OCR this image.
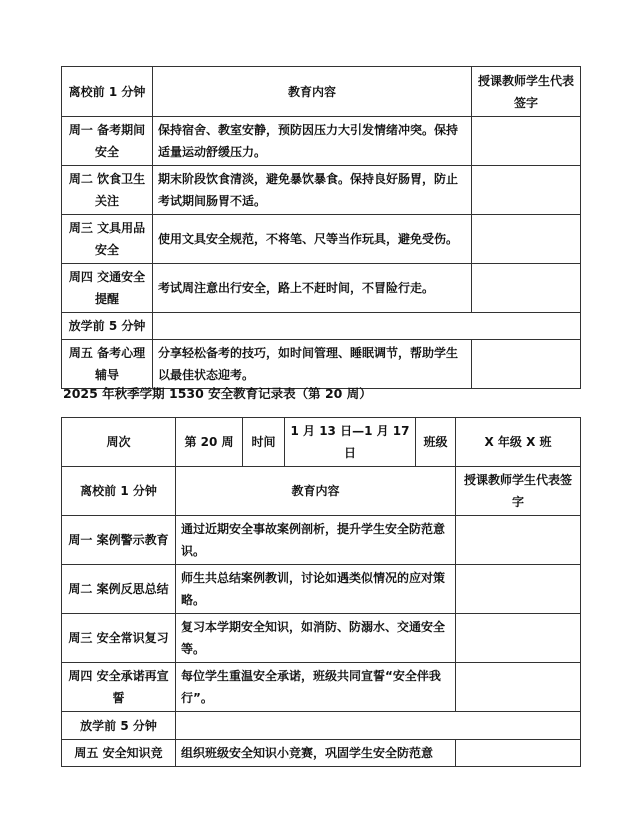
离校前 1 分钟	教育内容	授课教师学生代表签字
周一 备考期间安全	保持宿舍、教室安静，预防因压力大引发情绪冲突。保持适量运动舒缓压力。	
周二 饮食卫生关注	期末阶段饮食清淡，避免暴饮暴食。保持良好肠胃，防止考试期间肠胃不适。	
周三 文具用品安全	使用文具安全规范，不将笔、尺等当作玩具，避免受伤。	
周四 交通安全提醒	考试周注意出行安全，路上不赶时间，不冒险行走。	
放学前 5 分钟		
周五 备考心理辅导	分享轻松备考的技巧，如时间管理、睡眠调节，帮助学生以最佳状态迎考。	
2025 年秋季学期 1530 安全教育记录表（第 20 周）
周次	第 20 周	时间	1 月 13 日—1 月 17 日	班级	X 年级 X 班
离校前 1 分钟	教育内容				授课教师学生代表签字
周一 案例警示教育	通过近期安全事故案例剖析，提升学生安全防范意识。				
周二 案例反思总结	师生共总结案例教训，讨论如遇类似情况的应对策略。				
周三 安全常识复习	复习本学期安全知识，如消防、防溺水、交通安全等。				
周四 安全承诺再宣誓	每位学生重温安全承诺，班级共同宣誓“安全伴我行”。				
放学前 5 分钟					
周五 安全知识竞	组织班级安全知识小竞赛，巩固学生安全防范意				
